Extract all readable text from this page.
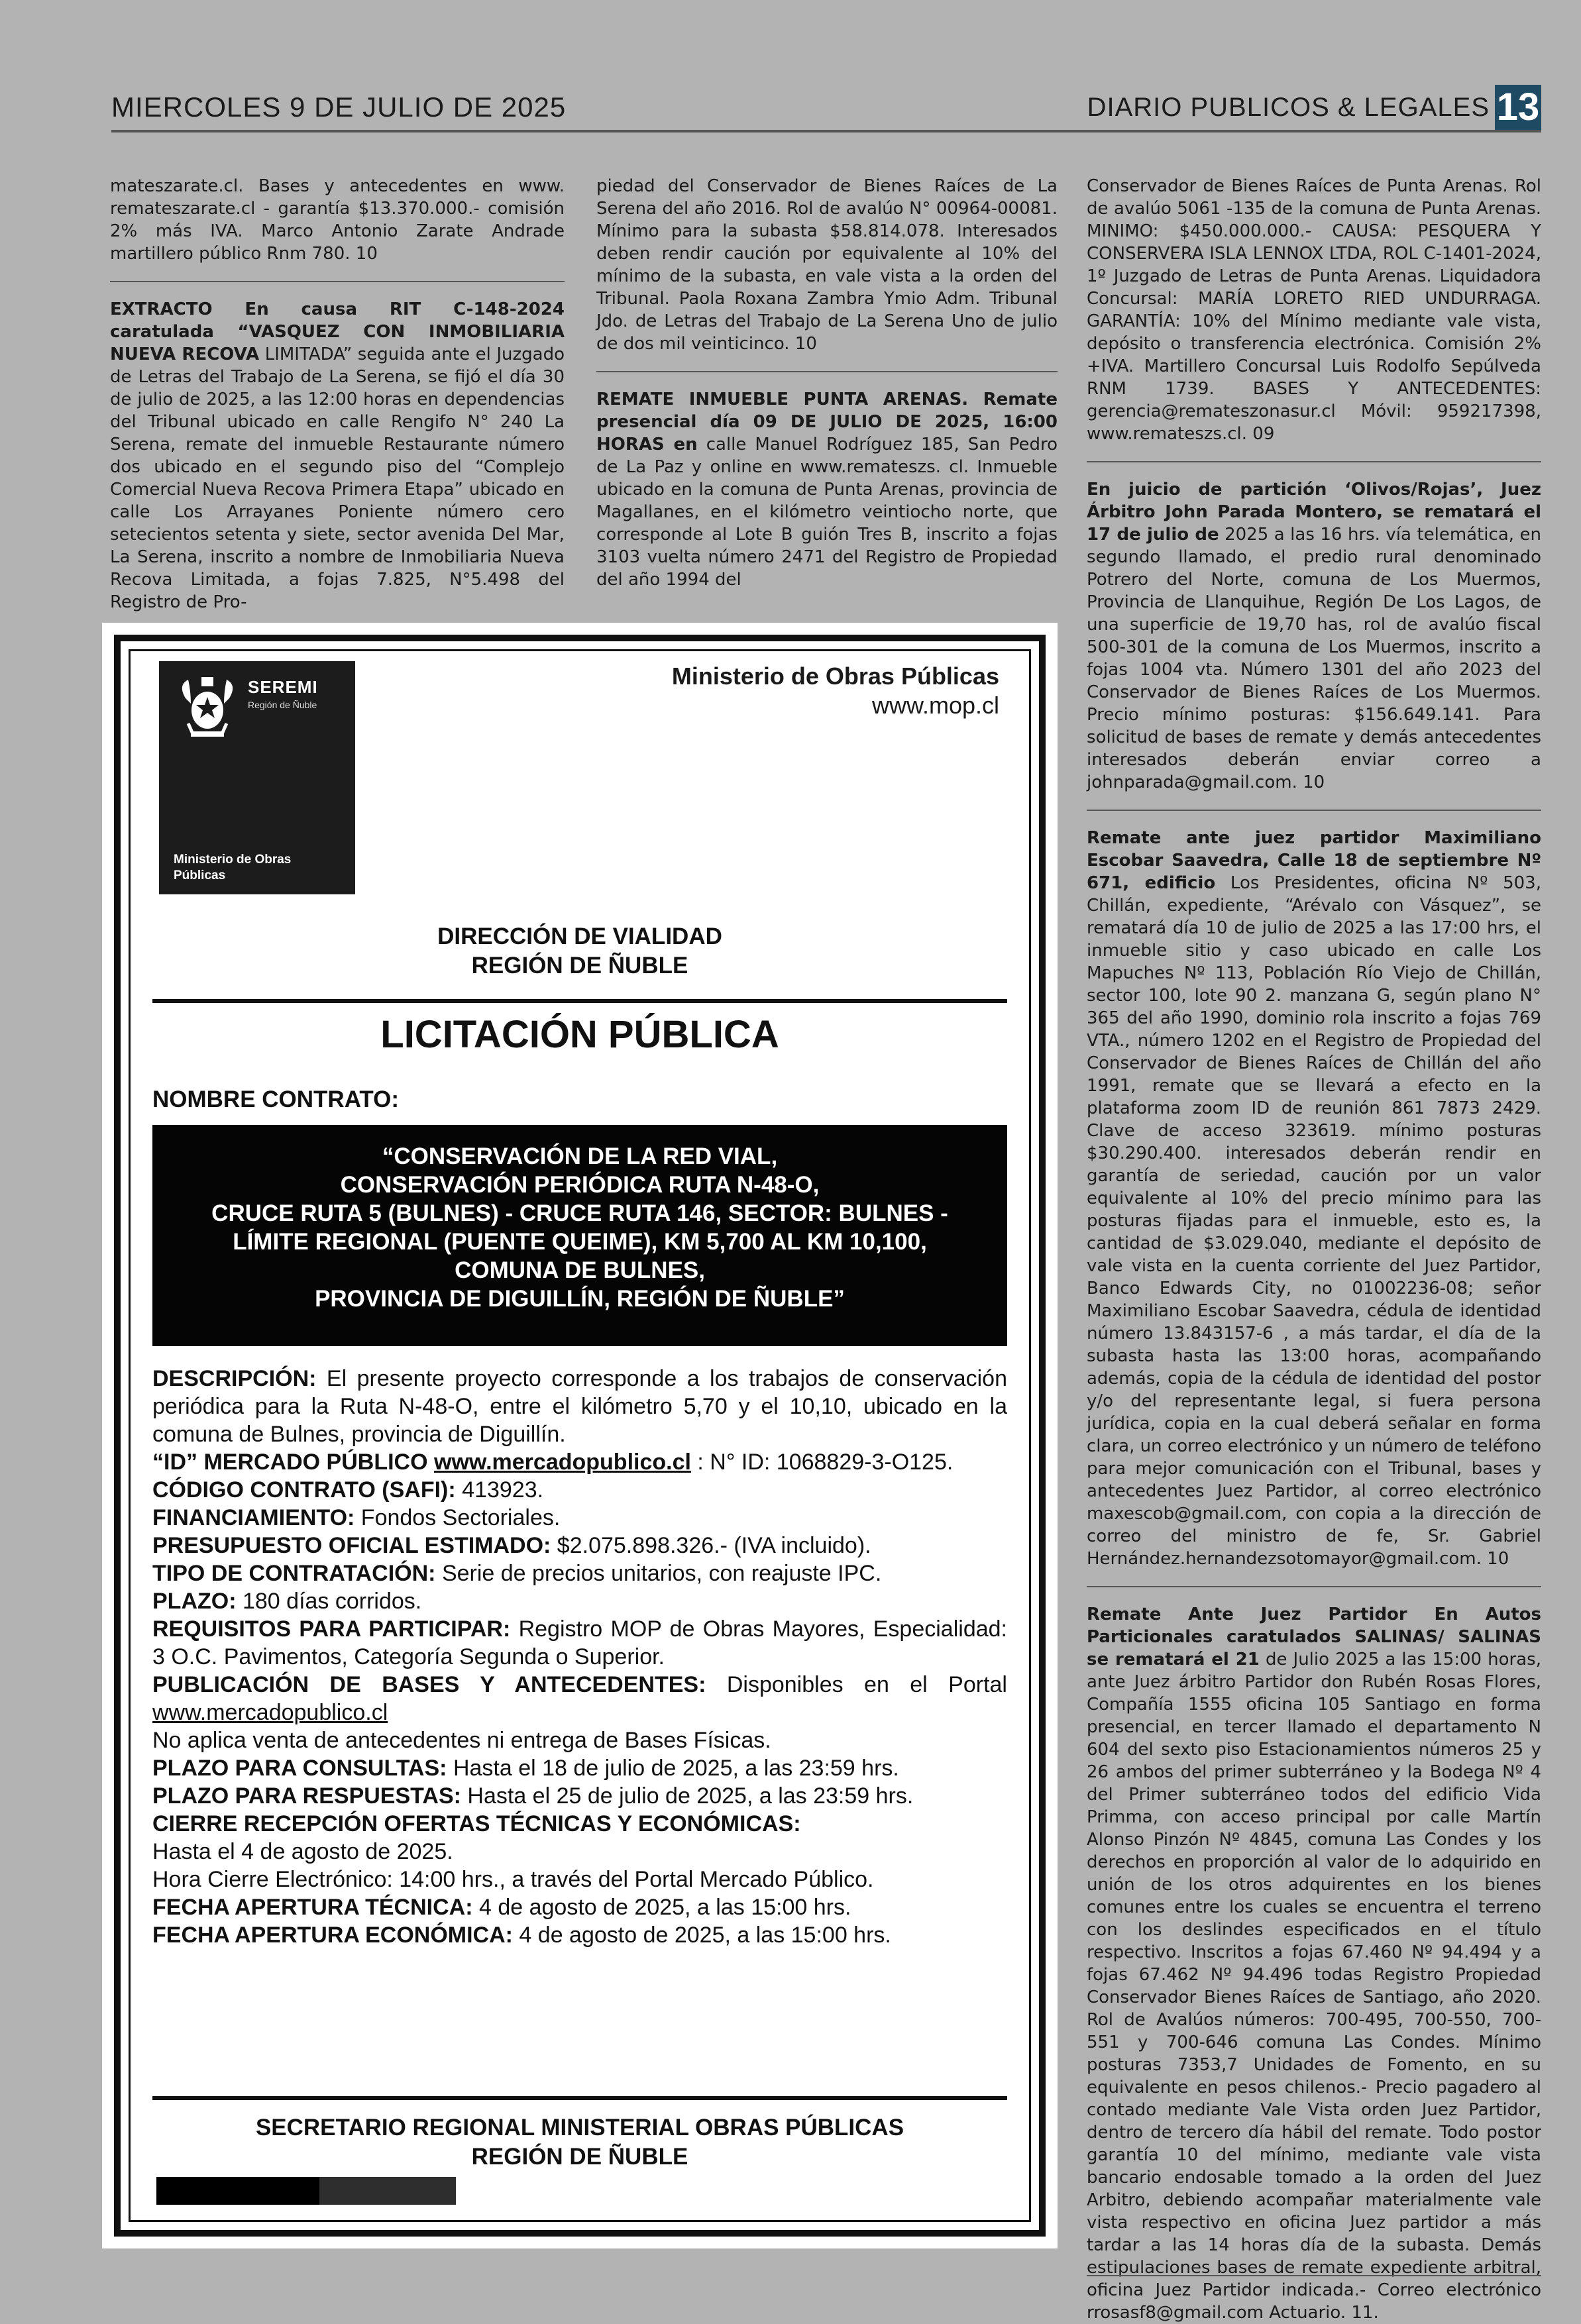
MIERCOLES 9 DE JULIO DE 2025	DIARIO PUBLICOS & LEGALES 13

mateszarate.cl. Bases y antecedentes en www. remateszarate.cl - garantía $13.370.000.- comisión 2% más IVA. Marco Antonio Zarate Andrade martillero público Rnm 780. 10

EXTRACTO En causa RIT C-148-2024 caratulada “VASQUEZ CON INMOBILIARIA NUEVA RECOVA LIMITADA” seguida ante el Juzgado de Letras del Trabajo de La Serena, se fijó el día 30 de julio de 2025, a las 12:00 horas en dependencias del Tribunal ubicado en calle Rengifo N° 240 La Serena, remate del inmueble Restaurante número dos ubicado en el segundo piso del “Complejo Comercial Nueva Recova Primera Etapa” ubicado en calle Los Arrayanes Poniente número cero setecientos setenta y siete, sector avenida Del Mar, La Serena, inscrito a nombre de Inmobiliaria Nueva Recova Limitada, a fojas 7.825, N°5.498 del Registro de Pro-

piedad del Conservador de Bienes Raíces de La Serena del año 2016. Rol de avalúo N° 00964-00081. Mínimo para la subasta $58.814.078. Interesados deben rendir caución por equivalente al 10% del mínimo de la subasta, en vale vista a la orden del Tribunal. Paola Roxana Zambra Ymio Adm. Tribunal Jdo. de Letras del Trabajo de La Serena Uno de julio de dos mil veinticinco. 10

REMATE INMUEBLE PUNTA ARENAS. Remate presencial día 09 DE JULIO DE 2025, 16:00 HORAS en calle Manuel Rodríguez 185, San Pedro de La Paz y online en www.remateszs. cl. Inmueble ubicado en la comuna de Punta Arenas, provincia de Magallanes, en el kilómetro veintiocho norte, que corresponde al Lote B guión Tres B, inscrito a fojas 3103 vuelta número 2471 del Registro de Propiedad del año 1994 del

Conservador de Bienes Raíces de Punta Arenas. Rol de avalúo 5061 -135 de la comuna de Punta Arenas. MINIMO: $450.000.000.- CAUSA: PESQUERA Y CONSERVERA ISLA LENNOX LTDA, ROL C-1401-2024, 1º Juzgado de Letras de Punta Arenas. Liquidadora Concursal: MARÍA LORETO RIED UNDURRAGA. GARANTÍA: 10% del Mínimo mediante vale vista, depósito o transferencia electrónica. Comisión 2% +IVA. Martillero Concursal Luis Rodolfo Sepúlveda RNM 1739. BASES Y ANTECEDENTES: gerencia@remateszonasur.cl Móvil: 959217398, www.remateszs.cl. 09

En juicio de partición ‘Olivos/Rojas’, Juez Árbitro John Parada Montero, se rematará el 17 de julio de 2025 a las 16 hrs. vía telemática, en segundo llamado, el predio rural denominado Potrero del Norte, comuna de Los Muermos, Provincia de Llanquihue, Región De Los Lagos, de una superficie de 19,70 has, rol de avalúo fiscal 500-301 de la comuna de Los Muermos, inscrito a fojas 1004 vta. Número 1301 del año 2023 del Conservador de Bienes Raíces de Los Muermos. Precio mínimo posturas: $156.649.141. Para solicitud de bases de remate y demás antecedentes interesados deberán enviar correo a johnparada@gmail.com. 10

Remate ante juez partidor Maximiliano Escobar Saavedra, Calle 18 de septiembre Nº 671, edificio Los Presidentes, oficina Nº 503, Chillán, expediente, “Arévalo con Vásquez”, se rematará día 10 de julio de 2025 a las 17:00 hrs, el inmueble sitio y caso ubicado en calle Los Mapuches Nº 113, Población Río Viejo de Chillán, sector 100, lote 90 2. manzana G, según plano N° 365 del año 1990, dominio rola inscrito a fojas 769 VTA., número 1202 en el Registro de Propiedad del Conservador de Bienes Raíces de Chillán del año 1991, remate que se llevará a efecto en la plataforma zoom ID de reunión 861 7873 2429. Clave de acceso 323619. mínimo posturas $30.290.400. interesados deberán rendir en garantía de seriedad, caución por un valor equivalente al 10% del precio mínimo para las posturas fijadas para el inmueble, esto es, la cantidad de $3.029.040, mediante el depósito de vale vista en la cuenta corriente del Juez Partidor, Banco Edwards City, no 01002236-08; señor Maximiliano Escobar Saavedra, cédula de identidad número 13.843157-6 , a más tardar, el día de la subasta hasta las 13:00 horas, acompañando además, copia de la cédula de identidad del postor y/o del representante legal, si fuera persona jurídica, copia en la cual deberá señalar en forma clara, un correo electrónico y un número de teléfono para mejor comunicación con el Tribunal, bases y antecedentes Juez Partidor, al correo electrónico maxescob@gmail.com, con copia a la dirección de correo del ministro de fe, Sr. Gabriel Hernández.hernandezsotomayor@gmail.com. 10

Remate Ante Juez Partidor En Autos Particionales caratulados SALINAS/ SALINAS se rematará el 21 de Julio 2025 a las 15:00 horas, ante Juez árbitro Partidor don Rubén Rosas Flores, Compañía 1555 oficina 105 Santiago en forma presencial, en tercer llamado el departamento N 604 del sexto piso Estacionamientos números 25 y 26 ambos del primer subterráneo y la Bodega Nº 4 del Primer subterráneo todos del edificio Vida Primma, con acceso principal por calle Martín Alonso Pinzón Nº 4845, comuna Las Condes y los derechos en proporción al valor de lo adquirido en unión de los otros adquirentes en los bienes comunes entre los cuales se encuentra el terreno con los deslindes especificados en el título respectivo. Inscritos a fojas 67.460 Nº 94.494 y a fojas 67.462 Nº 94.496 todas Registro Propiedad Conservador Bienes Raíces de Santiago, año 2020. Rol de Avalúos números: 700-495, 700-550, 700-551 y 700-646 comuna Las Condes. Mínimo posturas 7353,7 Unidades de Fomento, en su equivalente en pesos chilenos.- Precio pagadero al contado mediante Vale Vista orden Juez Partidor, dentro de tercero día hábil del remate. Todo postor garantía 10 del mínimo, mediante vale vista bancario endosable tomado a la orden del Juez Arbitro, debiendo acompañar materialmente vale vista respectivo en oficina Juez partidor a más tardar a las 14 horas día de la subasta. Demás estipulaciones bases de remate expediente arbitral, oficina Juez Partidor indicada.- Correo electrónico rrosasf8@gmail.com Actuario. 11.

SEREMI
Región de Ñuble
Ministerio de Obras Públicas
Ministerio de Obras Públicas
www.mop.cl
DIRECCIÓN DE VIALIDAD
REGIÓN DE ÑUBLE
LICITACIÓN PÚBLICA
NOMBRE CONTRATO:
“CONSERVACIÓN DE LA RED VIAL,
CONSERVACIÓN PERIÓDICA RUTA N-48-O,
CRUCE RUTA 5 (BULNES) - CRUCE RUTA 146, SECTOR: BULNES -
LÍMITE REGIONAL (PUENTE QUEIME), KM 5,700 AL KM 10,100,
COMUNA DE BULNES,
PROVINCIA DE DIGUILLÍN, REGIÓN DE ÑUBLE”

DESCRIPCIÓN: El presente proyecto corresponde a los trabajos de conservación periódica para la Ruta N-48-O, entre el kilómetro 5,70 y el 10,10, ubicado en la comuna de Bulnes, provincia de Diguillín.

“ID” MERCADO PÚBLICO www.mercadopublico.cl : N° ID: 1068829-3-O125.

CÓDIGO CONTRATO (SAFI): 413923.

FINANCIAMIENTO: Fondos Sectoriales.

PRESUPUESTO OFICIAL ESTIMADO: $2.075.898.326.- (IVA incluido).

TIPO DE CONTRATACIÓN: Serie de precios unitarios, con reajuste IPC.

PLAZO: 180 días corridos.

REQUISITOS PARA PARTICIPAR: Registro MOP de Obras Mayores, Especialidad: 3 O.C. Pavimentos, Categoría Segunda o Superior.

PUBLICACIÓN DE BASES Y ANTECEDENTES: Disponibles en el Portal www.mercadopublico.cl

No aplica venta de antecedentes ni entrega de Bases Físicas.

PLAZO PARA CONSULTAS: Hasta el 18 de julio de 2025, a las 23:59 hrs.

PLAZO PARA RESPUESTAS: Hasta el 25 de julio de 2025, a las 23:59 hrs.

CIERRE RECEPCIÓN OFERTAS TÉCNICAS Y ECONÓMICAS:

Hasta el 4 de agosto de 2025.

Hora Cierre Electrónico: 14:00 hrs., a través del Portal Mercado Público.

FECHA APERTURA TÉCNICA: 4 de agosto de 2025, a las 15:00 hrs.

FECHA APERTURA ECONÓMICA: 4 de agosto de 2025, a las 15:00 hrs.

SECRETARIO REGIONAL MINISTERIAL OBRAS PÚBLICAS
REGIÓN DE ÑUBLE
